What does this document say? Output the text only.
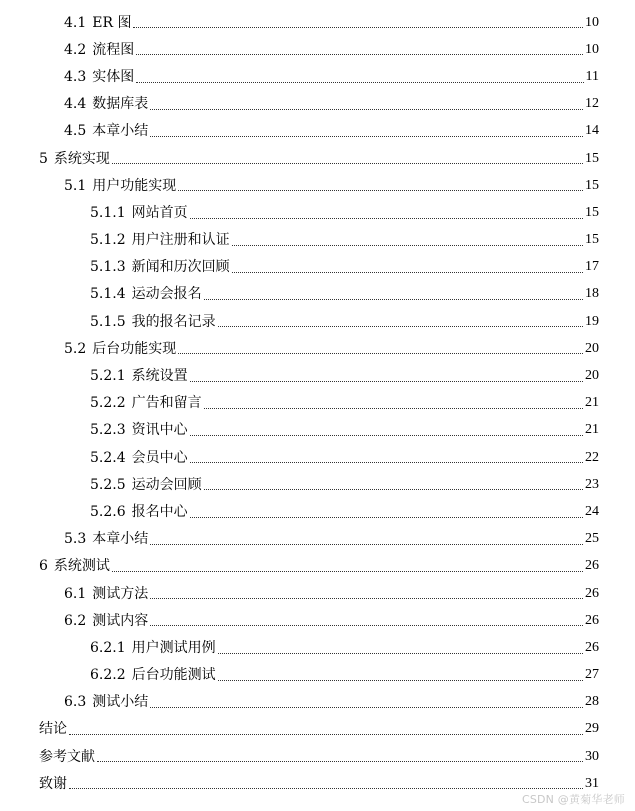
4.1 ER 图	10
4.2 流程图	10
4.3 实体图	11
4.4 数据库表	12
4.5 本章小结	14
5 系统实现	15
5.1 用户功能实现	15
5.1.1 网站首页	15
5.1.2 用户注册和认证	15
5.1.3 新闻和历次回顾	17
5.1.4 运动会报名	18
5.1.5 我的报名记录	19
5.2 后台功能实现	20
5.2.1 系统设置	20
5.2.2 广告和留言	21
5.2.3 资讯中心	21
5.2.4 会员中心	22
5.2.5 运动会回顾	23
5.2.6 报名中心	24
5.3 本章小结	25
6 系统测试	26
6.1 测试方法	26
6.2 测试内容	26
6.2.1 用户测试用例	26
6.2.2 后台功能测试	27
6.3 测试小结	28
结论	29
参考文献	30
致谢	31
CSDN @黄菊华老师
